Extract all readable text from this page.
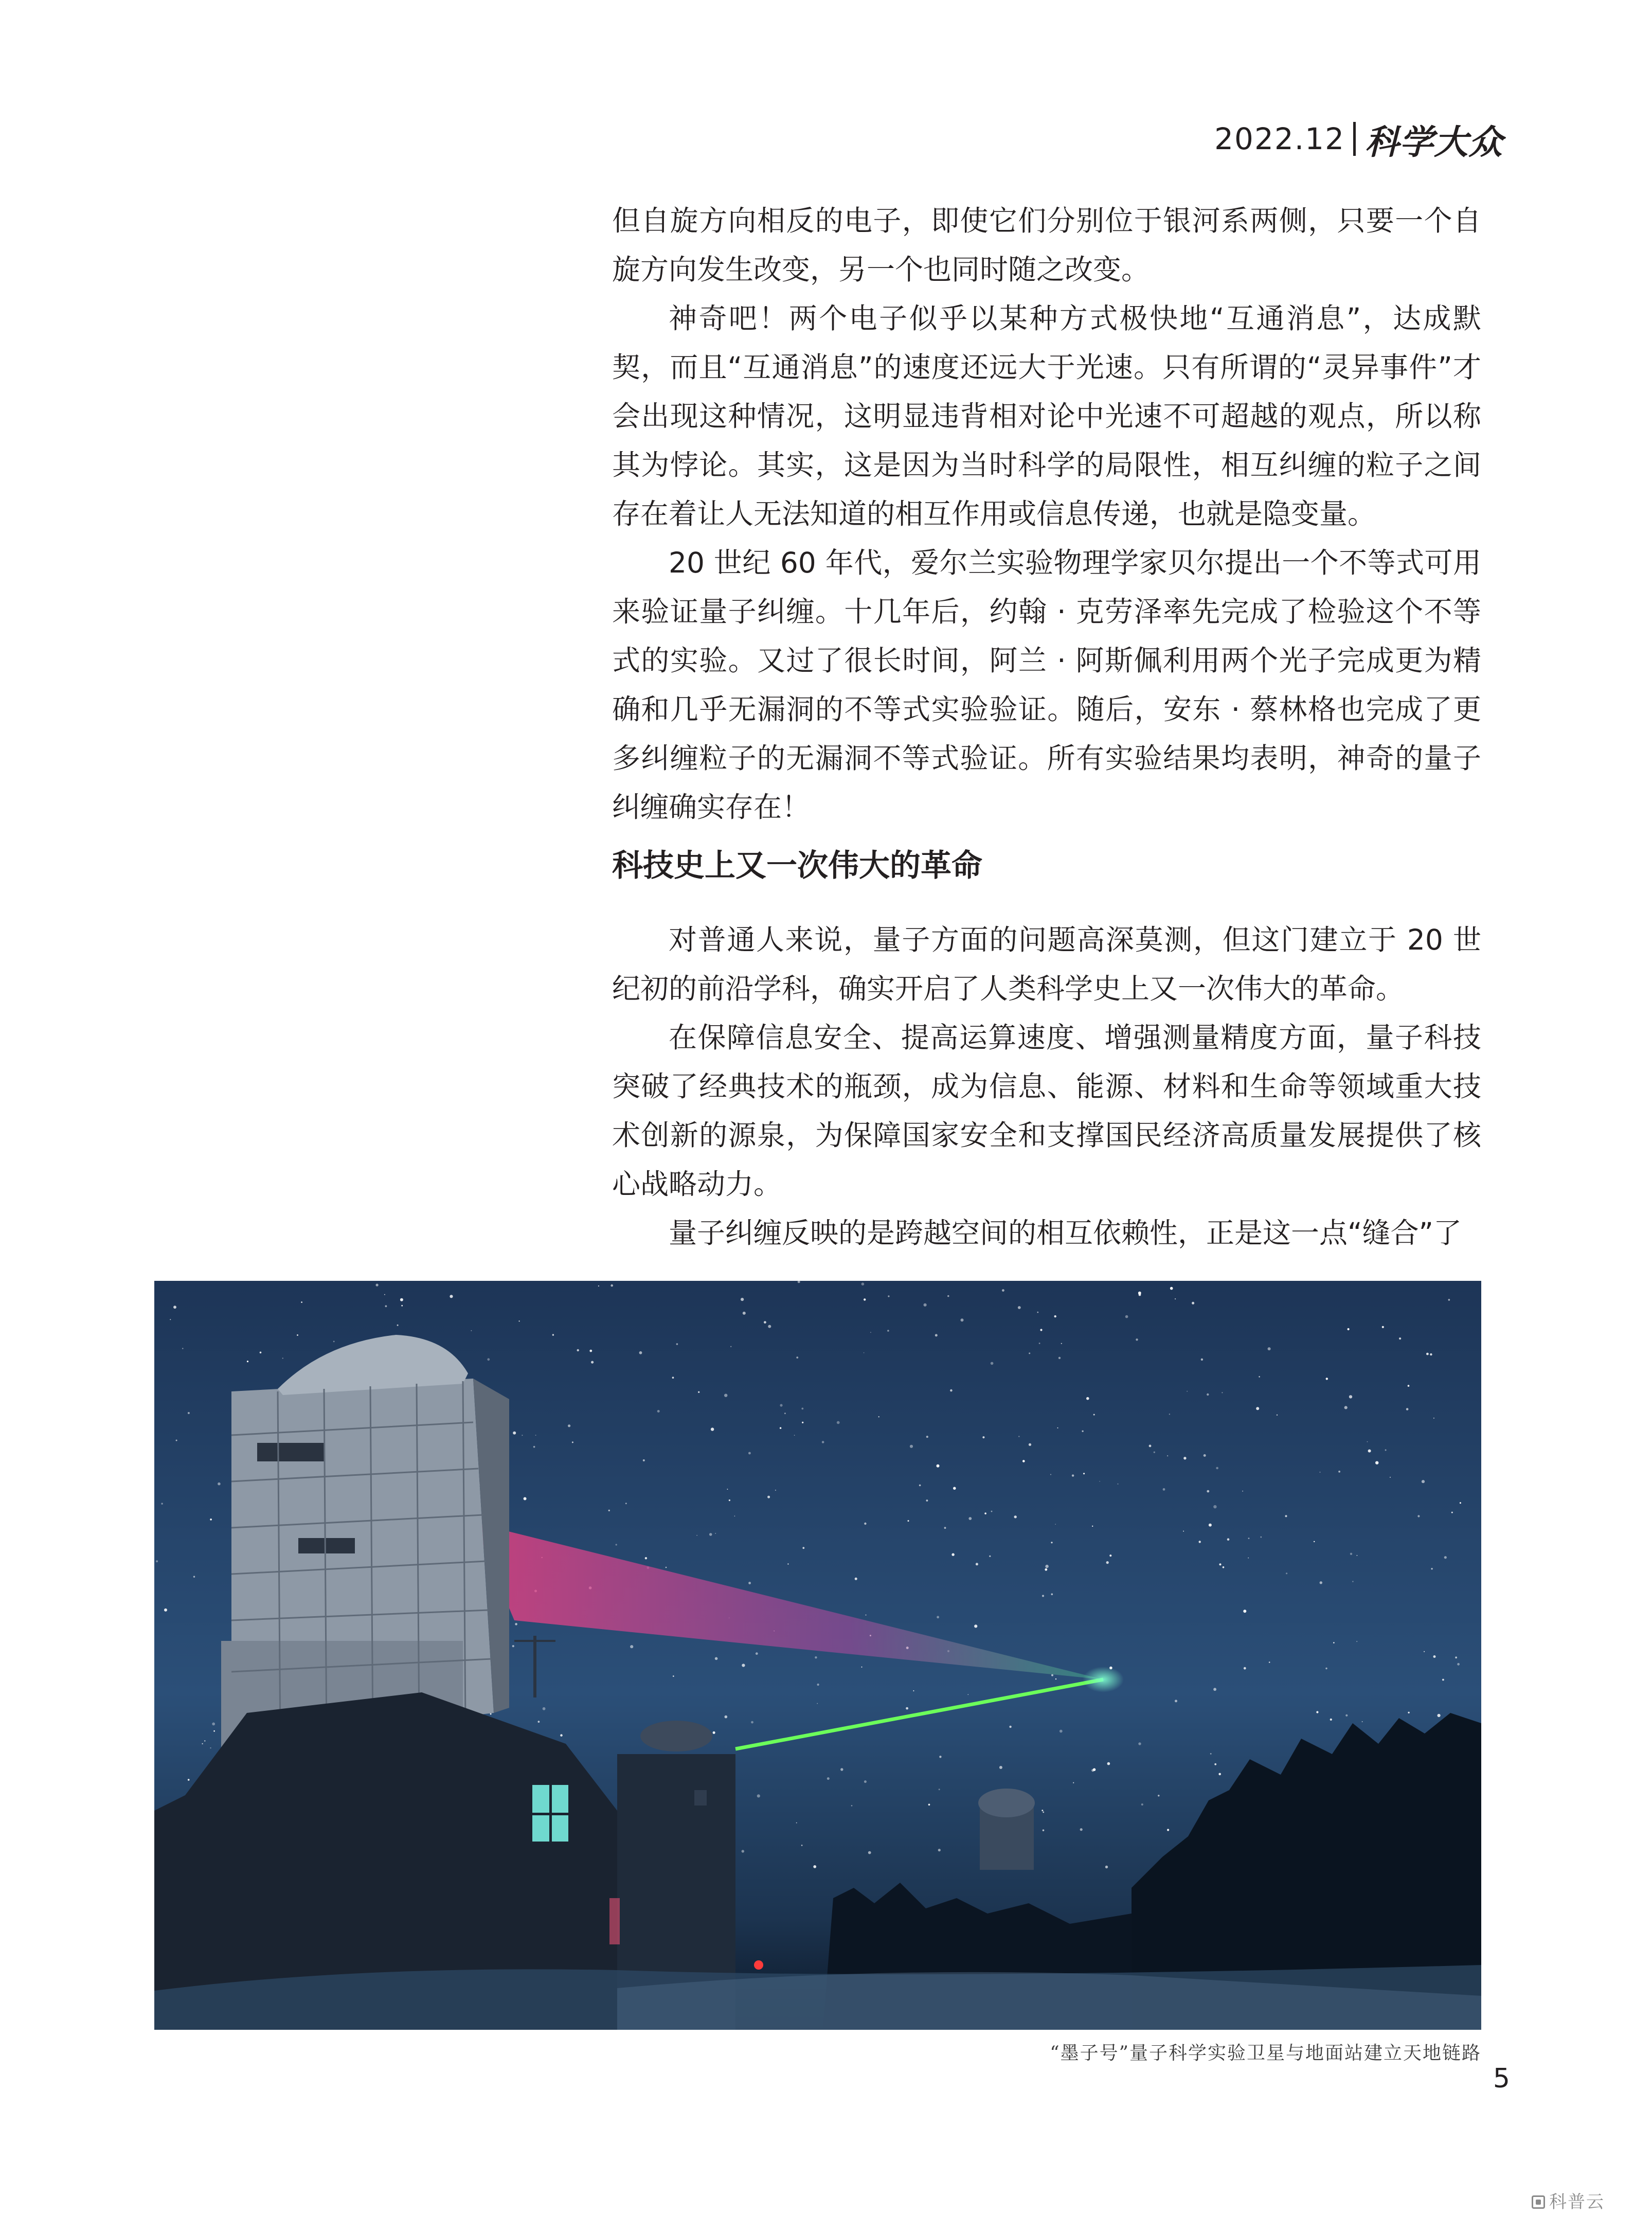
2022.12 科学大众

但自旋方向相反的电子，即使它们分别位于银河系两侧，只要一个自旋方向发生改变，另一个也同时随之改变。

神奇吧！两个电子似乎以某种方式极快地“互通消息”，达成默契，而且“互通消息”的速度还远大于光速。只有所谓的“灵异事件”才会出现这种情况，这明显违背相对论中光速不可超越的观点，所以称其为悖论。其实，这是因为当时科学的局限性，相互纠缠的粒子之间存在着让人无法知道的相互作用或信息传递，也就是隐变量。

20 世纪 60 年代，爱尔兰实验物理学家贝尔提出一个不等式可用来验证量子纠缠。十几年后，约翰 · 克劳泽率先完成了检验这个不等式的实验。又过了很长时间，阿兰 · 阿斯佩利用两个光子完成更为精确和几乎无漏洞的不等式实验验证。随后，安东 · 蔡林格也完成了更多纠缠粒子的无漏洞不等式验证。所有实验结果均表明，神奇的量子纠缠确实存在！

科技史上又一次伟大的革命

对普通人来说，量子方面的问题高深莫测，但这门建立于 20 世纪初的前沿学科，确实开启了人类科学史上又一次伟大的革命。

在保障信息安全、提高运算速度、增强测量精度方面，量子科技突破了经典技术的瓶颈，成为信息、能源、材料和生命等领域重大技术创新的源泉，为保障国家安全和支撑国民经济高质量发展提供了核心战略动力。

量子纠缠反映的是跨越空间的相互依赖性，正是这一点“缝合”了

“墨子号”量子科学实验卫星与地面站建立天地链路
5
科普云
